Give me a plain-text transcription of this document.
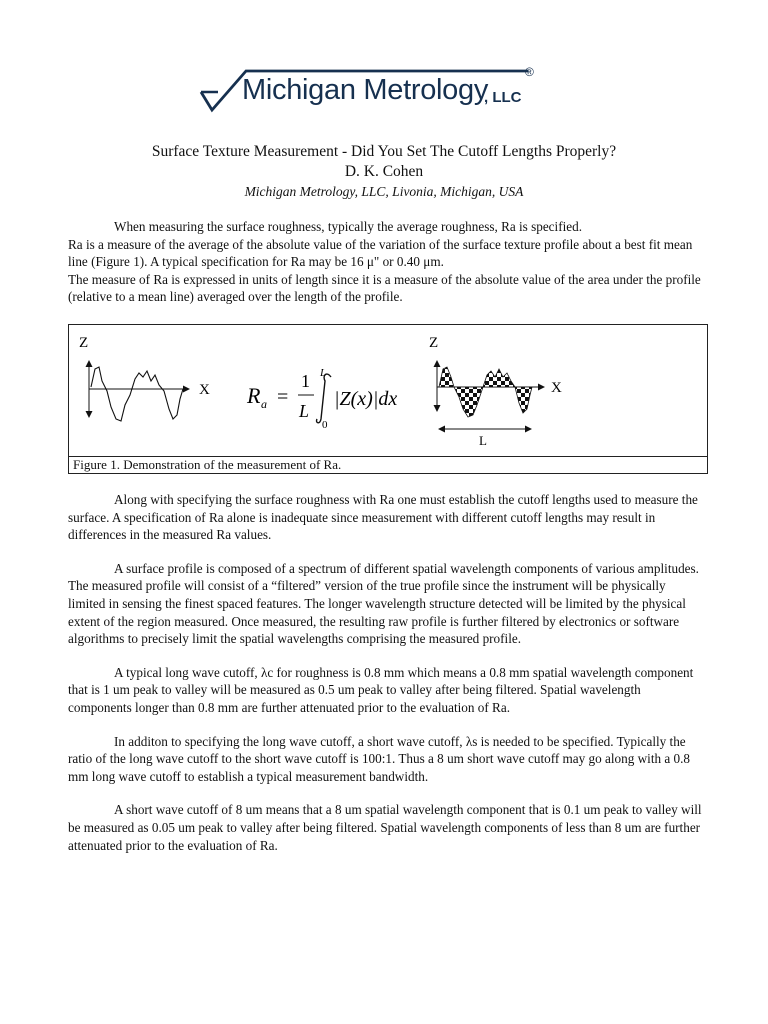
Michigan Metrology
, LLC
®
Surface Texture Measurement - Did You Set The Cutoff Lengths Properly?
D. K. Cohen
Michigan Metrology, LLC, Livonia, Michigan, USA

When measuring the surface roughness, typically the average roughness, Ra is specified.

Ra is a measure of the average of the absolute value of the variation of the surface texture profile about a best fit mean line (Figure 1). A typical specification for Ra may be 16 μ" or 0.40 μm.

The measure of Ra is expressed in units of length since it is a measure of the absolute value of the area under the profile (relative to a mean line) averaged over the length of the profile.

Z
X R a =
1
L
L
0
|Z(x)|dx
Z
X
L
Figure 1. Demonstration of the measurement of Ra.

Along with specifying the surface roughness with Ra one must establish the cutoff lengths used to measure the surface. A specification of Ra alone is inadequate since measurement with different cutoff lengths may result in differences in the measured Ra values.

A surface profile is composed of a spectrum of different spatial wavelength components of various amplitudes. The measured profile will consist of a “filtered” version of the true profile since the instrument will be physically limited in sensing the finest spaced features. The longer wavelength structure detected will be limited by the physical extent of the region measured. Once measured, the resulting raw profile is further filtered by electronics or software algorithms to precisely limit the spatial wavelengths comprising the measured profile.

A typical long wave cutoff, λc for roughness is 0.8 mm which means a 0.8 mm spatial wavelength component that is 1 um peak to valley will be measured as 0.5 um peak to valley after being filtered. Spatial wavelength components longer than 0.8 mm are further attenuated prior to the evaluation of Ra.

In additon to specifying the long wave cutoff, a short wave cutoff, λs is needed to be specified. Typically the ratio of the long wave cutoff to the short wave cutoff is 100:1. Thus a 8 um short wave cutoff may go along with a 0.8 mm long wave cutoff to establish a typical measurement bandwidth.

A short wave cutoff of 8 um means that a 8 um spatial wavelength component that is 0.1 um peak to valley will be measured as 0.05 um peak to valley after being filtered. Spatial wavelength components of less than 8 um are further attenuated prior to the evaluation of Ra.
